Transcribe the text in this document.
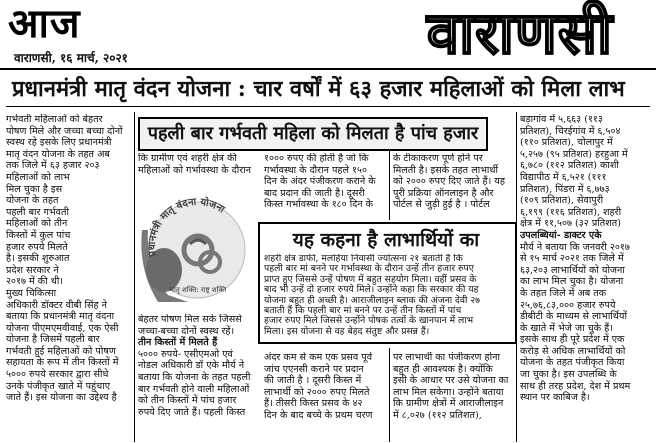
आज
वाराणसी, १६ मार्च, २०२१	वाराणसी
प्रधानमंत्री मातृ वंदन योजना : चार वर्षों में ६३ हजार महिलाओं को मिला लाभ
गर्भवती महिलाओं को बेहतर
पोषण मिले और जच्चा बच्चा दोनों
स्वस्थ रहे इसके लिए प्रधानमंत्री
मातृ वंदन योजना के तहत अब
तक जिले में ६३ हजार २०३
महिलाओं को लाभ
मिल चुका है इस
योजना के तहत
पहली बार गर्भवती
महिलाओं को तीन
किस्तों में कुल पांच
हजार रुपये मिलते
है। इसकी शुरुआत
प्रदेश सरकार ने
२०१७ में की थी।
मुख्य चिकित्सा
अधिकारी डॉक्टर वीबी सिंह ने
बताया कि प्रधानमंत्री मातृ वंदना
योजना पीएमएमवीवाई, एक ऐसी
योजना है जिसमें पहली बार
गर्भवती हुई महिलाओं को पोषण
सहायता के रूप में तीन किस्तों में
५००० रुपये सरकार द्वारा सीधे
उनके पंजीकृत खाते में पहुंचाए
जाते हैं। इस योजना का उद्देश्य है
पहली बार गर्भवती महिला को मिलता है पांच हजार
कि ग्रामीण एवं शहरी क्षेत्र की
महिलाओं को गर्भावस्था के दौरान
प्रधानमंत्री मातृ वंदना योजना
मातृ शक्ति: राष्ट्र शक्ति
बेहतर पोषण मिल सके जिससे
जच्चा-बच्चा दोनों स्वस्थ रहें।
तीन किस्तों में मिलते हैं
५००० रुपये- एसीएमओ एवं
नोडल अधिकारी डॉ एके मौर्य ने
बताया कि योजना के तहत पहली
बार गर्भवती होने वाली महिलाओं
को तीन किस्तों में पांच हजार
रुपये दिए जाते हैं। पहली किस्त
१००० रुपए की होती है जो कि
गर्भावस्था के दौरान पहले १५०
दिन के अंदर पंजीकरण कराने के
बाद प्रदान की जाती है। दूसरी
किस्त गर्भावस्था के १८० दिन के
के टीकाकरण पूर्ण होने पर
मिलती है। इसके तहत लाभार्थी
को २००० रुपए दिए जाते हैं। यह
पूरी प्रक्रिया ऑनलाइन है और
पोर्टल से जुड़ी हुई है । पोर्टल
यह कहना है लाभार्थियों का
शहरी क्षेत्र डाफी, मलहिया निवासी ज्योत्सना २१ बताती हैं कि
पहली बार मां बनने पर गर्भावस्था के दौरान उन्हें तीन हजार रुपए
प्राप्त हुए जिससे उन्हें पोषण में बहुत सहयोग मिला। वहीं प्रसव के
बाद भी उन्हें दो हजार रुपये मिले। उन्होंने कहा कि सरकार की यह
योजना बहुत ही अच्छी है। आराजीलाइन ब्लाक की अंजना देवी २७
बताती हैं कि पहली बार मां बनने पर उन्हें तीन किस्तों में पांच
हजार रुपए मिले जिससे उन्होंने पोषक तत्वों के खानपान में लाभ
मिला। इस योजना से वह बेहद संतुष्ट और प्रसन्न हैं।
अंदर कम से कम एक प्रसव पूर्व
जांच एएनसी कराने पर प्रदान
की जाती है । दूसरी किस्त में
लाभार्थी को २००० रुपए मिलते
हैं। तीसरी किस्त प्रसव के ४२
दिन के बाद बच्चे के प्रथम चरण
पर लाभार्थी का पंजीकरण होना
बहुत ही आवश्यक है। क्योंकि
इसी के आधार पर उसे योजना का
लाभ मिल सकेगा। उन्होंने बताया
कि ग्रामीण क्षेत्रों में आराजीलाइन
में ८,०२७ (११२ प्रतिशत),
बड़ागांव में ५,६६३ (११३
प्रतिशत), चिरईगांव में ६,५०४
(११० प्रतिशत), चोलापुर में
५,२५७ (९५ प्रतिशत) हरहुआ में
६,७८० (११२ प्रतिशत) काशी
विद्यापीठ में ६,५२१ (१११
प्रतिशत), पिंडरा में ६,७७३
(१०९ प्रतिशत), सेवापुरी
६,१९९ (११६ प्रतिशत), शहरी
क्षेत्र में ११,५०७ (३२ प्रतिशत)
उपलब्धियां- डाक्टर एके
मौर्य ने बताया कि जनवरी २०१७
से १५ मार्च २०२१ तक जिले में
६३,२०३ लाभार्थियों को योजना
का लाभ मिल चुका है। योजना
के तहत जिले में अब तक
२५,७६,८३,००० हजार रुपये
डीबीटी के माध्यम से लाभार्थियों
के खाते में भेजे जा चुके हैं।
इसके साथ ही पूरे प्रदेश में एक
करोड़ से अधिक लाभार्थियों को
योजना के तहत पंजीकृत किया
जा चुका है। इस उपलब्धि के
साथ ही तरह प्रदेश, देश में प्रथम
स्थान पर काबिज है।
